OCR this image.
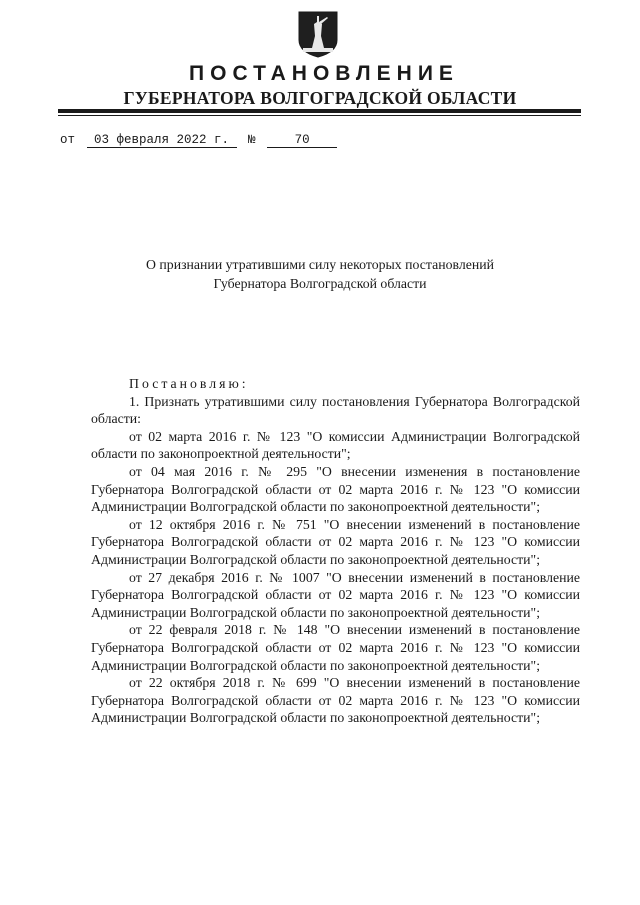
ПОСТАНОВЛЕНИЕ
ГУБЕРНАТОРА ВОЛГОГРАДСКОЙ ОБЛАСТИ
от 03 февраля 2022 г. №	70
О признании утратившими силу некоторых постановлений
Губернатора Волгоградской области

Постановляю:

1. Признать утратившими силу постановления Губернатора Волгоградской области:

от 02 марта 2016 г. № 123 "О комиссии Администрации Волгоградской области по законопроектной деятельности";

от 04 мая 2016 г. № 295 "О внесении изменения в постановление Губернатора Волгоградской области от 02 марта 2016 г. № 123 "О комиссии Администрации Волгоградской области по законопроектной деятельности";

от 12 октября 2016 г. № 751 "О внесении изменений в постановление Губернатора Волгоградской области от 02 марта 2016 г. № 123 "О комиссии Администрации Волгоградской области по законопроектной деятельности";

от 27 декабря 2016 г. № 1007 "О внесении изменений в постановление Губернатора Волгоградской области от 02 марта 2016 г. № 123 "О комиссии Администрации Волгоградской области по законопроектной деятельности";

от 22 февраля 2018 г. № 148 "О внесении изменений в постановление Губернатора Волгоградской области от 02 марта 2016 г. № 123 "О комиссии Администрации Волгоградской области по законопроектной деятельности";

от 22 октября 2018 г. № 699 "О внесении изменений в постановление Губернатора Волгоградской области от 02 марта 2016 г. № 123 "О комиссии Администрации Волгоградской области по законопроектной деятельности";
